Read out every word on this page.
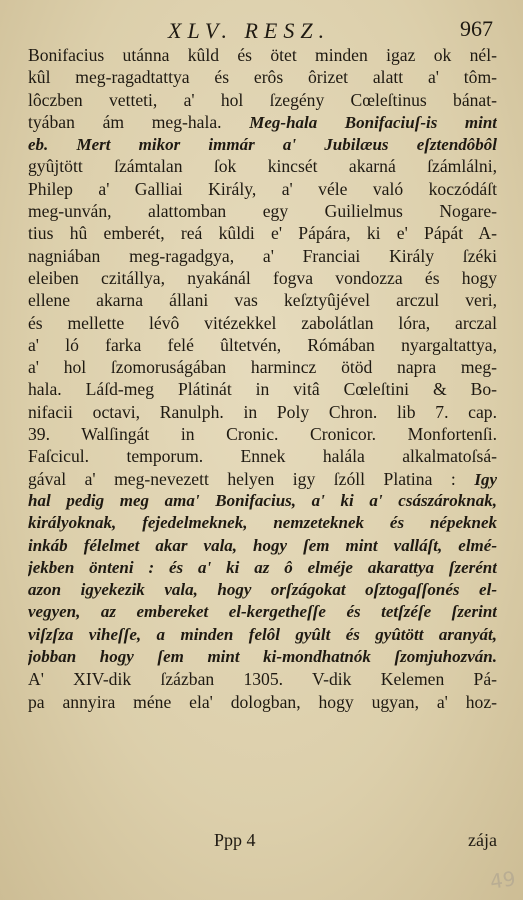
XLV. RESZ.	967
Bonifacius utánna kûld és ötet minden igaz ok nél-
kûl meg-ragadtattya és erôs ôrizet alatt a' tôm-
lôczben vetteti, a' hol ſzegény Cœleſtinus bánat-
tyában ám meg-hala. Meg-hala Bonifaciuſ-is mint
eb. Mert mikor immár a' Jubilæus eſztendôbôl
gyûjtött ſzámtalan ſok kincsét akarná ſzámlálni,
Philep a' Galliai Király, a' véle való koczódáſt
meg-unván, alattomban egy Guilielmus Nogare-
tius hû emberét, reá kûldi e' Pápára, ki e' Pápát A-
nagniában meg-ragadgya, a' Franciai Király ſzéki
eleiben czitállya, nyakánál fogva vondozza és hogy
ellene akarna állani vas keſztyûjével arczul veri,
és mellette lévô vitézekkel zabolátlan lóra, arczal
a' ló farka felé ûltetvén, Rómában nyargaltattya,
a' hol ſzomoruságában harmincz ötöd napra meg-
hala. Láſd-meg Plátinát in vitâ Cœleſtini & Bo-
nifacii octavi, Ranulph. in Poly Chron. lib 7. cap.
39. Walſingát in Cronic. Cronicor. Monfortenſi.
Faſcicul. temporum. Ennek halála alkalmatoſsá-
gával a' meg-nevezett helyen igy ſzóll Platina : Igy
hal pedig meg ama' Bonifacius, a' ki a' császároknak,
királyoknak, fejedelmeknek, nemzeteknek és népeknek
inkáb félelmet akar vala, hogy ſem mint valláſt, elmé-
jekben önteni : és a' ki az ô elméje akarattya ſzerént
azon igyekezik vala, hogy orſzágokat oſztogaſſonés el-
vegyen, az embereket el-kergetheſſe és tetſzéſe ſzerint
viſzſza viheſſe, a minden felôl gyûlt és gyûtött aranyát,
jobban hogy ſem mint ki-mondhatnók ſzomjuhozván.
A' XIV-dik ſzázban 1305. V-dik Kelemen Pá-
pa annyira méne ela' dologban, hogy ugyan, a' hoz-
Ppp 4	zája
49
